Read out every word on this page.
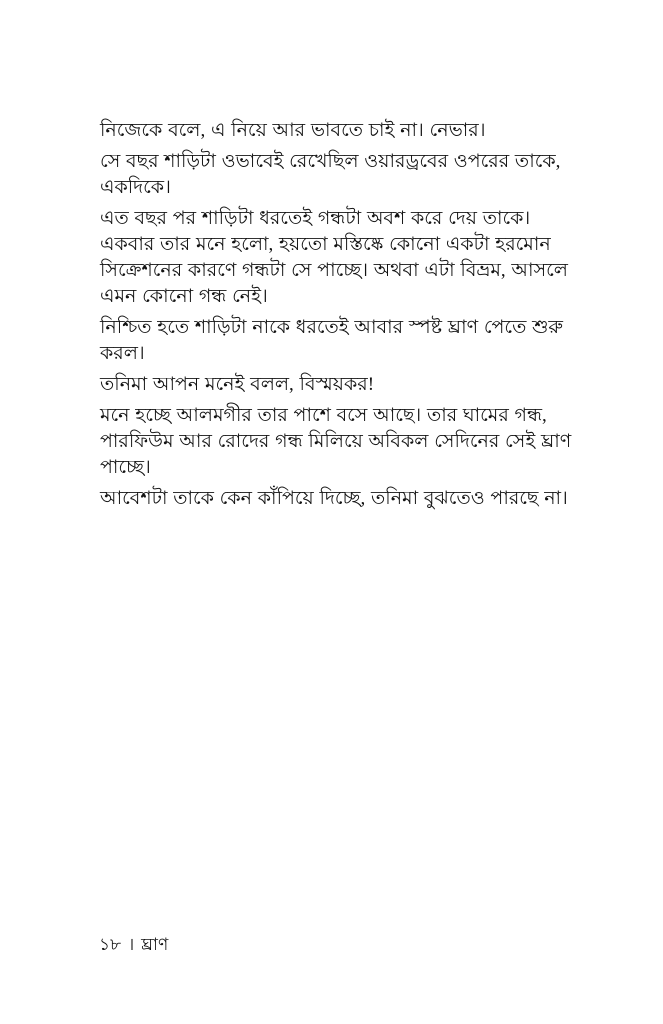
নিজেকে বলে, এ নিয়ে আর ভাবতে চাই না। নেভার।

সে বছর শাড়িটা ওভাবেই রেখেছিল ওয়ারড্রবের ওপরের তাকে, একদিকে।

এত বছর পর শাড়িটা ধরতেই গন্ধটা অবশ করে দেয় তাকে। একবার তার মনে হলো, হয়তো মস্তিষ্কে কোনো একটা হরমোন সিক্রেশনের কারণে গন্ধটা সে পাচ্ছে। অথবা এটা বিভ্রম, আসলে এমন কোনো গন্ধ নেই।

নিশ্চিত হতে শাড়িটা নাকে ধরতেই আবার স্পষ্ট ঘ্রাণ পেতে শুরু করল।

তনিমা আপন মনেই বলল, বিস্ময়কর!

মনে হচ্ছে আলমগীর তার পাশে বসে আছে। তার ঘামের গন্ধ, পারফিউম আর রোদের গন্ধ মিলিয়ে অবিকল সেদিনের সেই ঘ্রাণ পাচ্ছে।

আবেশটা তাকে কেন কাঁপিয়ে দিচ্ছে, তনিমা বুঝতেও পারছে না।

১৮ । ঘ্রাণ
